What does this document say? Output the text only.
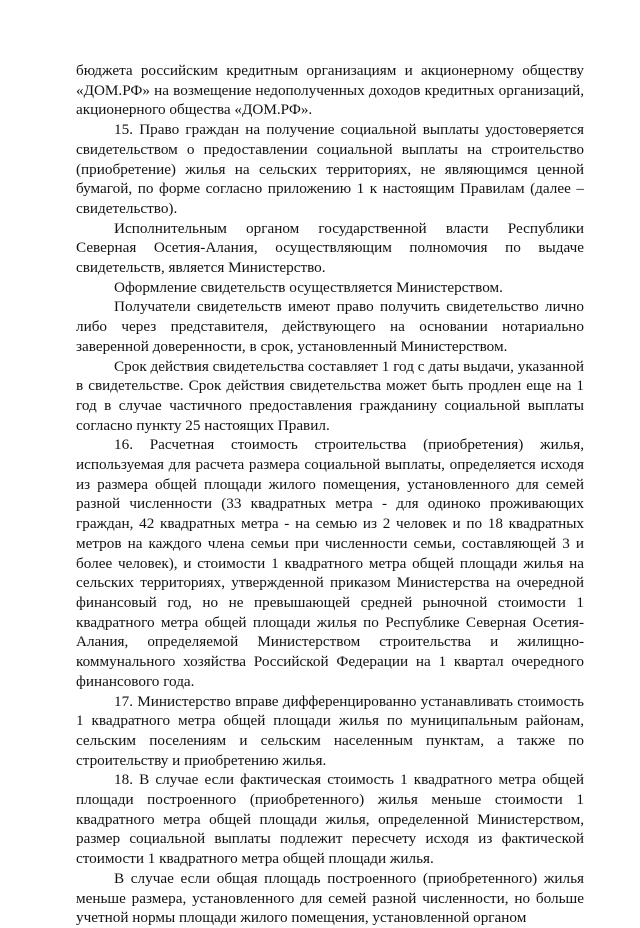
бюджета российским кредитным организациям и акционерному обществу «ДОМ.РФ» на возмещение недополученных доходов кредитных организаций, акционерного общества «ДОМ.РФ».

15. Право граждан на получение социальной выплаты удостоверяется свидетельством о предоставлении социальной выплаты на строительство (приобретение) жилья на сельских территориях, не являющимся ценной бумагой, по форме согласно приложению 1 к настоящим Правилам (далее – свидетельство).

Исполнительным органом государственной власти Республики Северная Осетия-Алания, осуществляющим полномочия по выдаче свидетельств, является Министерство.

Оформление свидетельств осуществляется Министерством.

Получатели свидетельств имеют право получить свидетельство лично либо через представителя, действующего на основании нотариально заверенной доверенности, в срок, установленный Министерством.

Срок действия свидетельства составляет 1 год с даты выдачи, указанной в свидетельстве. Срок действия свидетельства может быть продлен еще на 1 год в случае частичного предоставления гражданину социальной выплаты согласно пункту 25 настоящих Правил.

16. Расчетная стоимость строительства (приобретения) жилья, используемая для расчета размера социальной выплаты, определяется исходя из размера общей площади жилого помещения, установленного для семей разной численности (33 квадратных метра - для одиноко проживающих граждан, 42 квадратных метра - на семью из 2 человек и по 18 квадратных метров на каждого члена семьи при численности семьи, составляющей 3 и более человек), и стоимости 1 квадратного метра общей площади жилья на сельских территориях, утвержденной приказом Министерства на очередной финансовый год, но не превышающей средней рыночной стоимости 1 квадратного метра общей площади жилья по Республике Северная Осетия-Алания, определяемой Министерством строительства и жилищно-коммунального хозяйства Российской Федерации на 1 квартал очередного финансового года.

17. Министерство вправе дифференцированно устанавливать стоимость 1 квадратного метра общей площади жилья по муниципальным районам, сельским поселениям и сельским населенным пунктам, а также по строительству и приобретению жилья.

18. В случае если фактическая стоимость 1 квадратного метра общей площади построенного (приобретенного) жилья меньше стоимости 1 квадратного метра общей площади жилья, определенной Министерством, размер социальной выплаты подлежит пересчету исходя из фактической стоимости 1 квадратного метра общей площади жилья.

В случае если общая площадь построенного (приобретенного) жилья меньше размера, установленного для семей разной численности, но больше учетной нормы площади жилого помещения, установленной органом
